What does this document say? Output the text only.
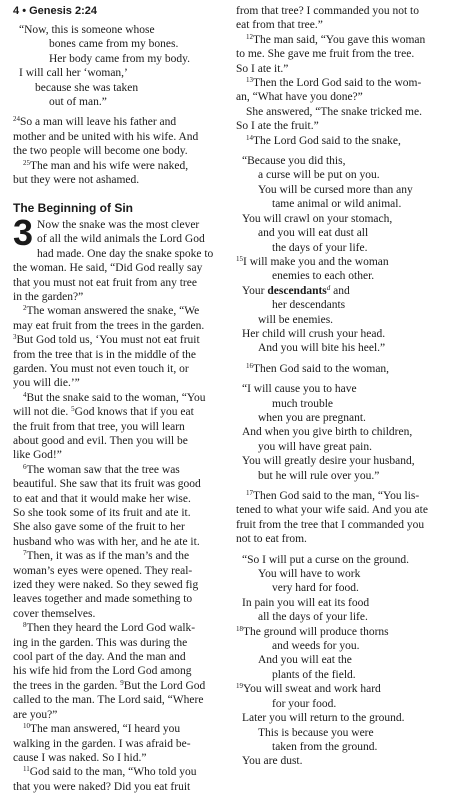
4 • Genesis 2:24
“Now, this is someone whose
bones came from my bones.
Her body came from my body.
I will call her ‘woman,’
because she was taken
out of man.”
$^{24}$So a man will leave his father and
mother and be united with his wife. And
the two people will become one body.
$^{25}$The man and his wife were naked,
but they were not ashamed.
The Beginning of Sin
3 Now the snake was the most clever
of all the wild animals the Lord God
had made. One day the snake spoke to
the woman. He said, “Did God really say
that you must not eat fruit from any tree
in the garden?”
$^2$The woman answered the snake, “We
may eat fruit from the trees in the garden.
$^3$But God told us, ‘You must not eat fruit
from the tree that is in the middle of the
garden. You must not even touch it, or
you will die.’”
$^4$But the snake said to the woman, “You
will not die. $^5$God knows that if you eat
the fruit from that tree, you will learn
about good and evil. Then you will be
like God!”
$^6$The woman saw that the tree was
beautiful. She saw that its fruit was good
to eat and that it would make her wise.
So she took some of its fruit and ate it.
She also gave some of the fruit to her
husband who was with her, and he ate it.
$^7$Then, it was as if the man’s and the
woman’s eyes were opened. They real-
ized they were naked. So they sewed fig
leaves together and made something to
cover themselves.
$^8$Then they heard the Lord God walk-
ing in the garden. This was during the
cool part of the day. And the man and
his wife hid from the Lord God among
the trees in the garden. $^9$But the Lord God
called to the man. The Lord said, “Where
are you?”
$^{10}$The man answered, “I heard you
walking in the garden. I was afraid be-
cause I was naked. So I hid.”
$^{11}$God said to the man, “Who told you
that you were naked? Did you eat fruit
from that tree? I commanded you not to
eat from that tree.”
$^{12}$The man said, “You gave this woman
to me. She gave me fruit from the tree.
So I ate it.”
$^{13}$Then the Lord God said to the wom-
an, “What have you done?”
She answered, “The snake tricked me.
So I ate the fruit.”
$^{14}$The Lord God said to the snake,
“Because you did this,
a curse will be put on you.
You will be cursed more than any
tame animal or wild animal.
You will crawl on your stomach,
and you will eat dust all
the days of your life.
$^{15}$I will make you and the woman
enemies to each other.
Your descendants$^d$ and
her descendants
will be enemies.
Her child will crush your head.
And you will bite his heel.”
$^{16}$Then God said to the woman,
“I will cause you to have
much trouble
when you are pregnant.
And when you give birth to children,
you will have great pain.
You will greatly desire your husband,
but he will rule over you.”
$^{17}$Then God said to the man, “You lis-
tened to what your wife said. And you ate
fruit from the tree that I commanded you
not to eat from.
“So I will put a curse on the ground.
You will have to work
very hard for food.
In pain you will eat its food
all the days of your life.
$^{18}$The ground will produce thorns
and weeds for you.
And you will eat the
plants of the field.
$^{19}$You will sweat and work hard
for your food.
Later you will return to the ground.
This is because you were
taken from the ground.
You are dust.
